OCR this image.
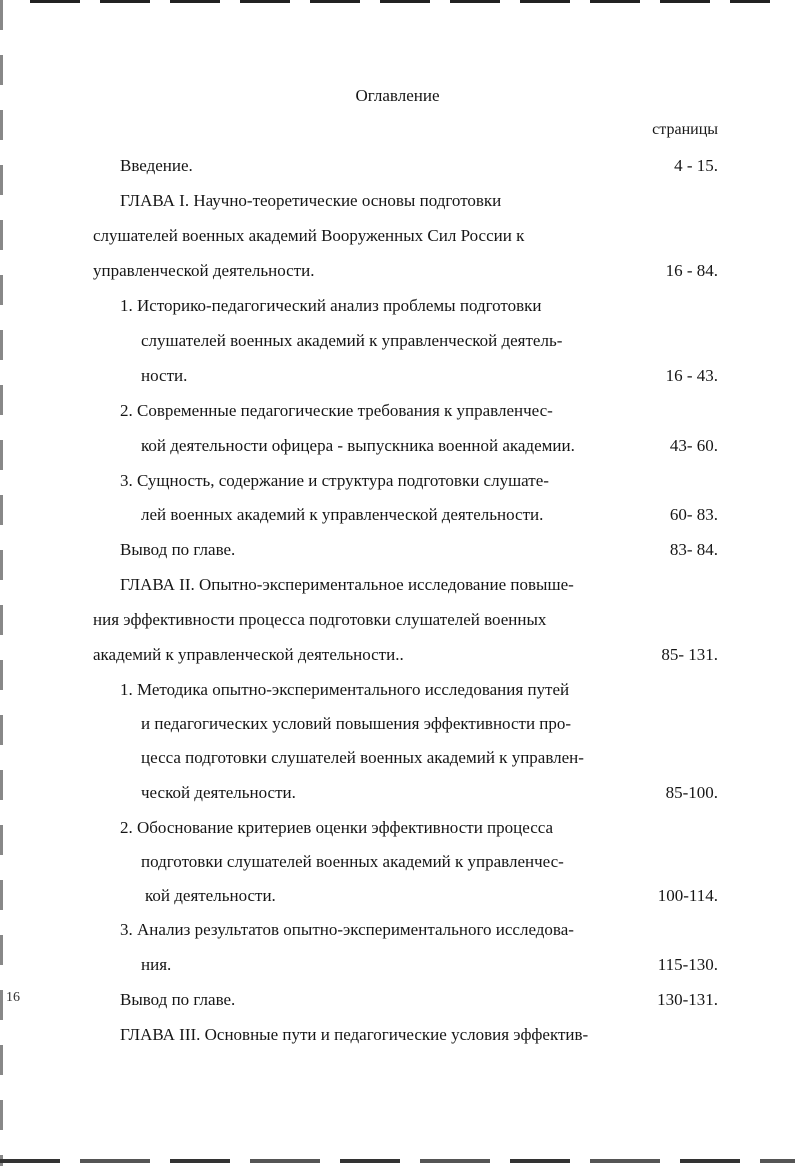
Оглавление
страницы
Введение.	4 - 15.
ГЛАВА I. Научно-теоретические основы подготовки
слушателей военных академий Вооруженных Сил России к
управленческой деятельности.	16 - 84.
1. Историко-педагогический анализ проблемы подготовки
слушателей военных академий к управленческой деятель-
ности.	16 - 43.
2. Современные педагогические требования к управленчес-
кой деятельности офицера - выпускника военной академии.	43- 60.
3. Сущность, содержание и структура подготовки слушате-
лей военных академий к управленческой деятельности.	60- 83.
Вывод по главе.	83- 84.
ГЛАВА II. Опытно-экспериментальное исследование повыше-
ния эффективности процесса подготовки слушателей военных
академий к управленческой деятельности..	85- 131.
1. Методика опытно-экспериментального исследования путей
и педагогических условий повышения эффективности про-
цесса подготовки слушателей военных академий к управлен-
ческой деятельности.	85-100.
2. Обоснование критериев оценки эффективности процесса
подготовки слушателей военных академий к управленчес-
кой деятельности.	100-114.
3. Анализ результатов опытно-экспериментального исследова-
ния.	115-130.
Вывод по главе.	130-131.
ГЛАВА III. Основные пути и педагогические условия эффектив-
16
